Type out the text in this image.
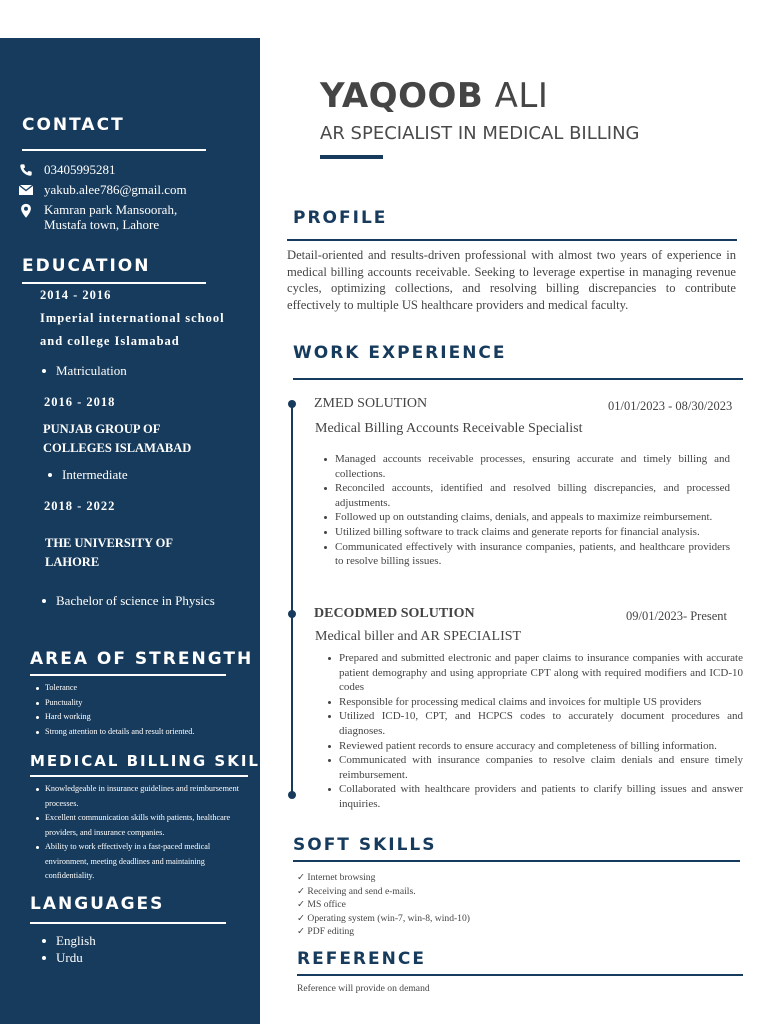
CONTACT
03405995281
yakub.alee786@gmail.com
Kamran park Mansoorah,
Mustafa town, Lahore
EDUCATION
2014 - 2016
Imperial international school
and college Islamabad
Matriculation
2016 - 2018
PUNJAB GROUP OF
COLLEGES ISLAMABAD
Intermediate
2018 - 2022
THE UNIVERSITY OF
LAHORE
Bachelor of science in Physics
AREA OF STRENGTH
Tolerance
Punctuality
Hard working
Strong attention to details and result oriented.
MEDICAL BILLING SKILLS
Knowledgeable in insurance guidelines and reimbursement processes.
Excellent communication skills with patients, healthcare providers, and insurance companies.
Ability to work effectively in a fast-paced medical environment, meeting deadlines and maintaining confidentiality.
LANGUAGES
English
Urdu
YAQOOB ALI
AR SPECIALIST IN MEDICAL BILLING
PROFILE
Detail-oriented and results-driven professional with almost two years of experience in medical billing accounts receivable. Seeking to leverage expertise in managing revenue cycles, optimizing collections, and resolving billing discrepancies to contribute effectively to multiple US healthcare providers and medical faculty.
WORK EXPERIENCE
ZMED SOLUTION	01/01/2023 - 08/30/2023
Medical Billing Accounts Receivable Specialist
Managed accounts receivable processes, ensuring accurate and timely billing and collections.
Reconciled accounts, identified and resolved billing discrepancies, and processed adjustments.
Followed up on outstanding claims, denials, and appeals to maximize reimbursement.
Utilized billing software to track claims and generate reports for financial analysis.
Communicated effectively with insurance companies, patients, and healthcare providers to resolve billing issues.
DECODMED SOLUTION	09/01/2023- Present
Medical biller and AR SPECIALIST
Prepared and submitted electronic and paper claims to insurance companies with accurate patient demography and using appropriate CPT along with required modifiers and ICD-10 codes
Responsible for processing medical claims and invoices for multiple US providers
Utilized ICD-10, CPT, and HCPCS codes to accurately document procedures and diagnoses.
Reviewed patient records to ensure accuracy and completeness of billing information.
Communicated with insurance companies to resolve claim denials and ensure timely reimbursement.
Collaborated with healthcare providers and patients to clarify billing issues and answer inquiries.
SOFT SKILLS
✓ Internet browsing
✓ Receiving and send e-mails.
✓ MS office
✓ Operating system (win-7, win-8, wind-10)
✓ PDF editing
REFERENCE
Reference will provide on demand
